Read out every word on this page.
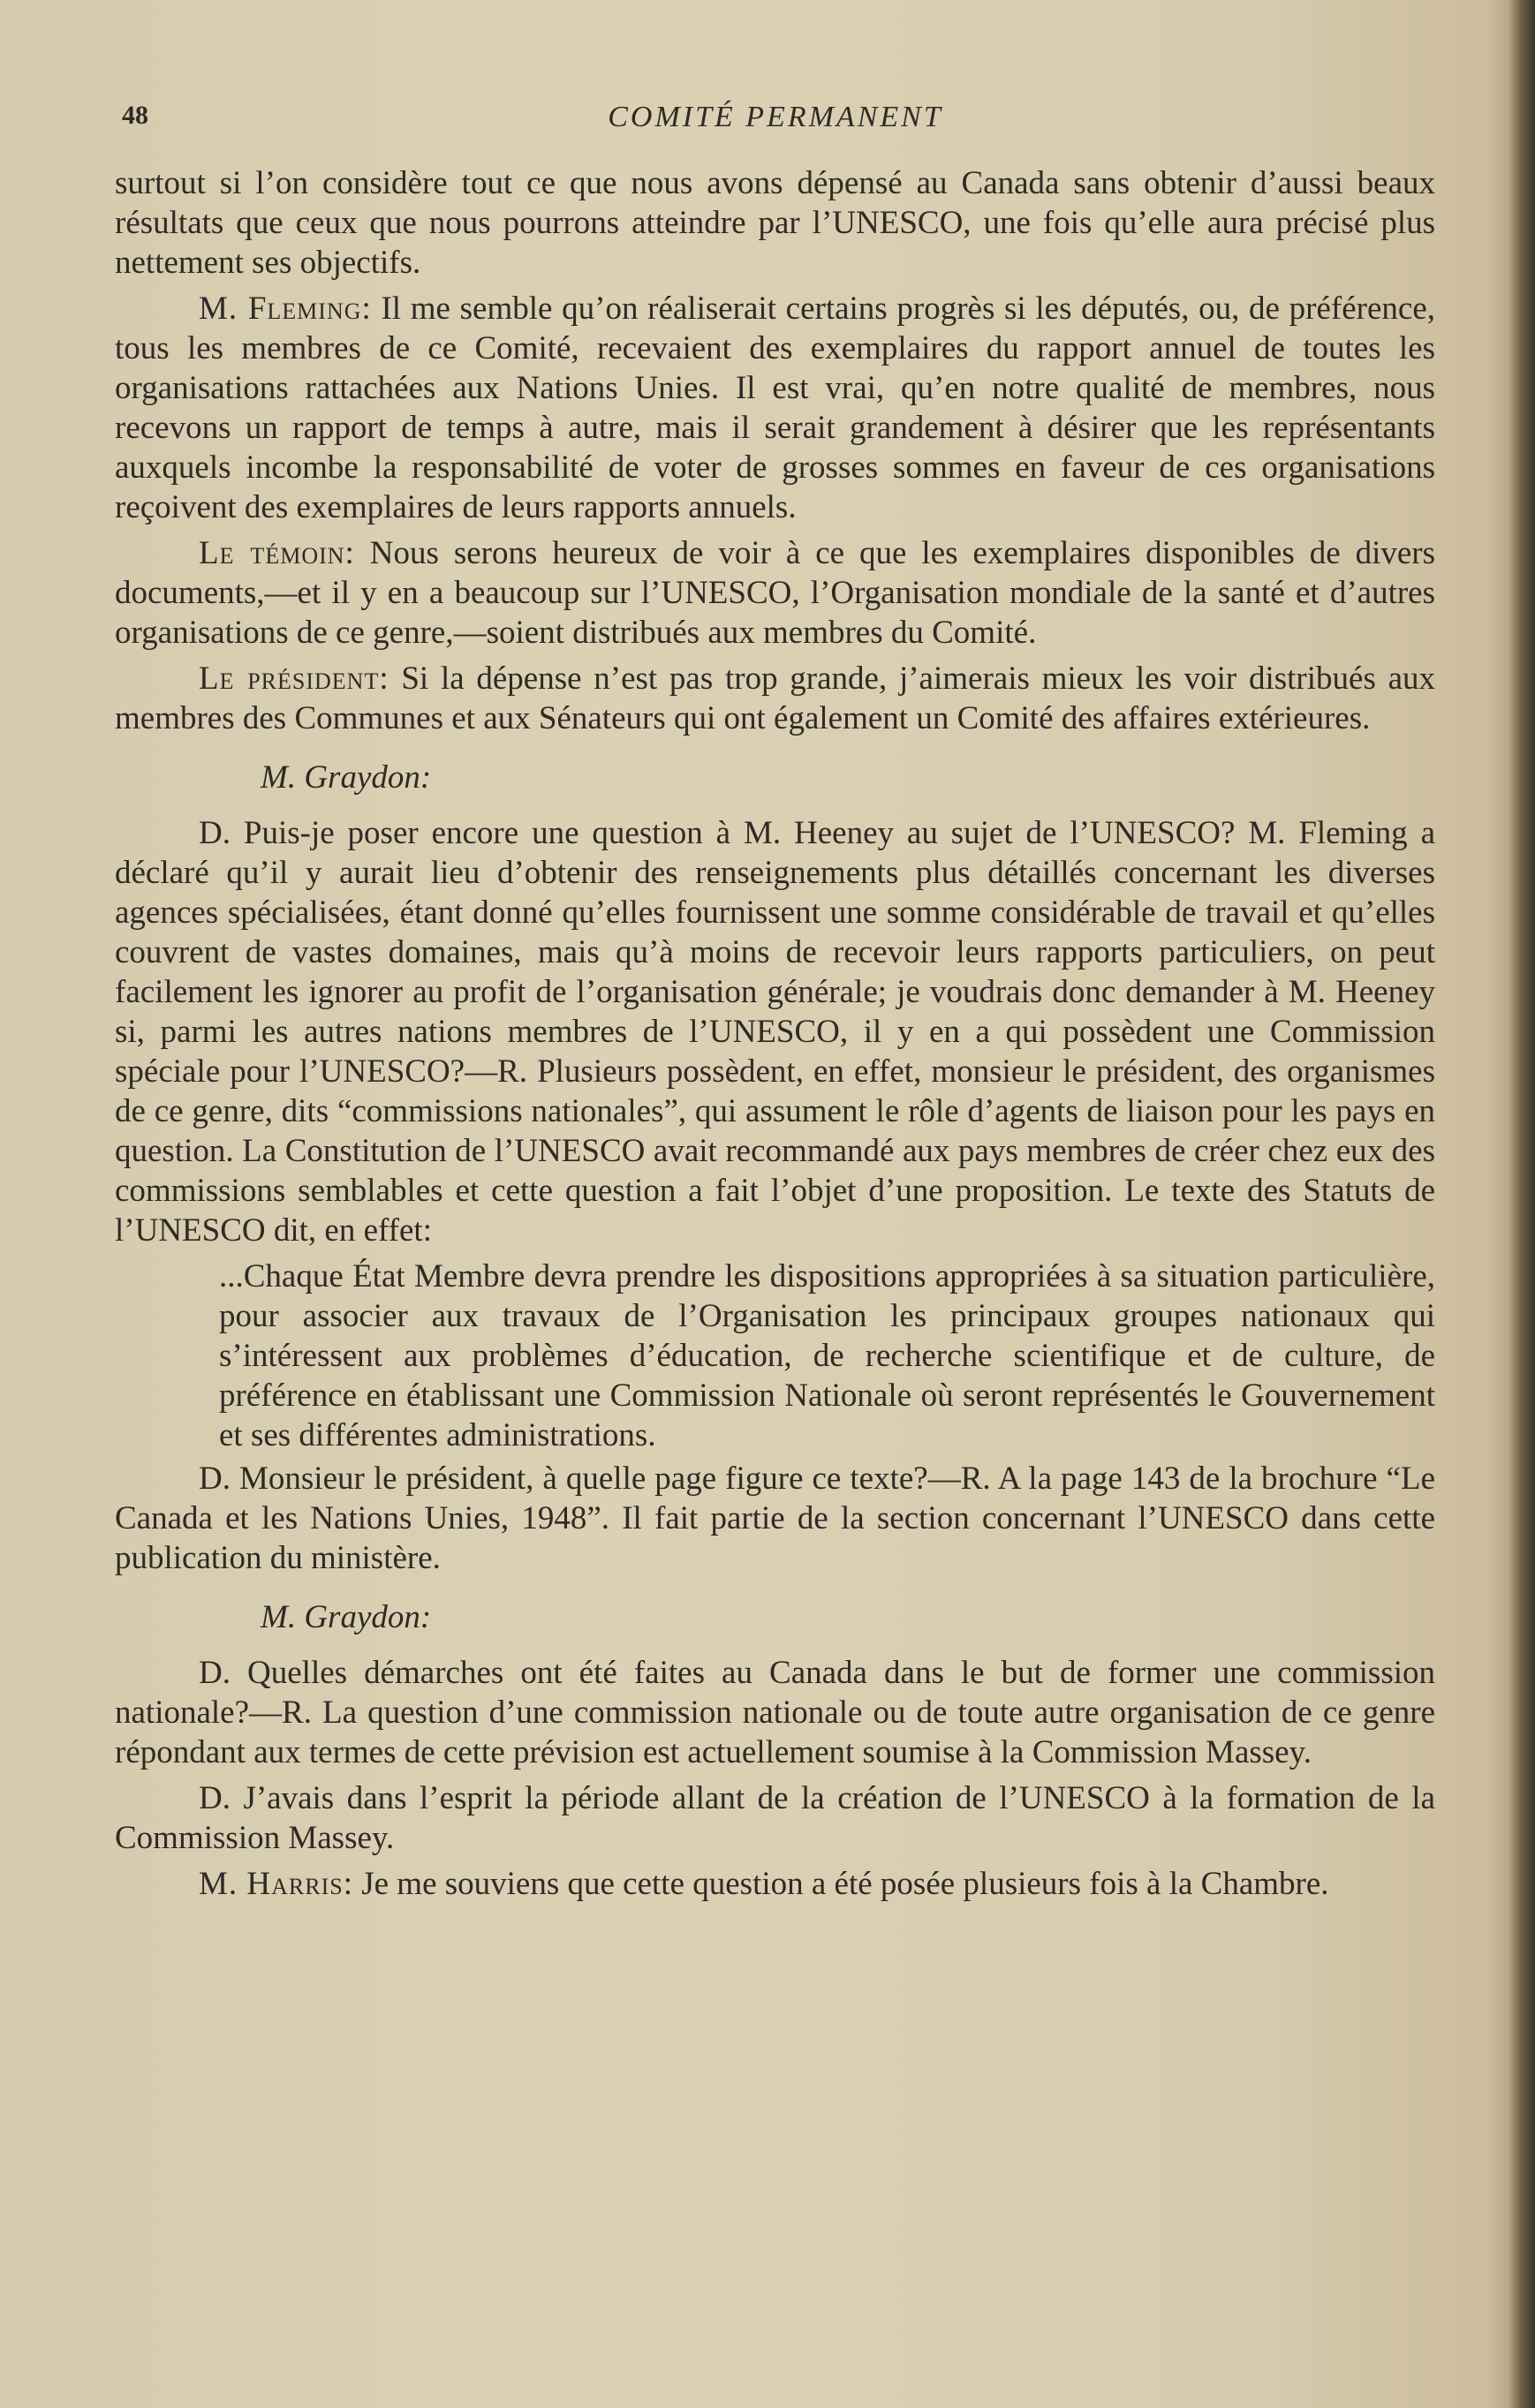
48	COMITÉ PERMANENT

surtout si l’on considère tout ce que nous avons dépensé au Canada sans obtenir d’aussi beaux résultats que ceux que nous pourrons atteindre par l’UNESCO, une fois qu’elle aura précisé plus nettement ses objectifs.

M. Fleming: Il me semble qu’on réaliserait certains progrès si les députés, ou, de préférence, tous les membres de ce Comité, recevaient des exemplaires du rapport annuel de toutes les organisations rattachées aux Nations Unies. Il est vrai, qu’en notre qualité de membres, nous recevons un rapport de temps à autre, mais il serait grandement à désirer que les représentants auxquels incombe la responsabilité de voter de grosses sommes en faveur de ces organisations reçoivent des exemplaires de leurs rapports annuels.

Le témoin: Nous serons heureux de voir à ce que les exemplaires disponibles de divers documents,—et il y en a beaucoup sur l’UNESCO, l’Organisation mondiale de la santé et d’autres organisations de ce genre,—soient distribués aux membres du Comité.

Le président: Si la dépense n’est pas trop grande, j’aimerais mieux les voir distribués aux membres des Communes et aux Sénateurs qui ont également un Comité des affaires extérieures.

M. Graydon:

D. Puis-je poser encore une question à M. Heeney au sujet de l’UNESCO? M. Fleming a déclaré qu’il y aurait lieu d’obtenir des renseignements plus détaillés concernant les diverses agences spécialisées, étant donné qu’elles fournissent une somme considérable de travail et qu’elles couvrent de vastes domaines, mais qu’à moins de recevoir leurs rapports particuliers, on peut facilement les ignorer au profit de l’organisation générale; je voudrais donc demander à M. Heeney si, parmi les autres nations membres de l’UNESCO, il y en a qui possèdent une Commission spéciale pour l’UNESCO?—R. Plusieurs possèdent, en effet, monsieur le président, des organismes de ce genre, dits “commissions nationales”, qui assument le rôle d’agents de liaison pour les pays en question. La Constitution de l’UNESCO avait recommandé aux pays membres de créer chez eux des commissions semblables et cette question a fait l’objet d’une proposition. Le texte des Statuts de l’UNESCO dit, en effet:

...Chaque État Membre devra prendre les dispositions appropriées à sa situation particulière, pour associer aux travaux de l’Organisation les principaux groupes nationaux qui s’intéressent aux problèmes d’éducation, de recherche scientifique et de culture, de préférence en établissant une Commission Nationale où seront représentés le Gouvernement et ses différentes administrations.

D. Monsieur le président, à quelle page figure ce texte?—R. A la page 143 de la brochure “Le Canada et les Nations Unies, 1948”. Il fait partie de la section concernant l’UNESCO dans cette publication du ministère.

M. Graydon:

D. Quelles démarches ont été faites au Canada dans le but de former une commission nationale?—R. La question d’une commission nationale ou de toute autre organisation de ce genre répondant aux termes de cette prévision est actuellement soumise à la Commission Massey.

D. J’avais dans l’esprit la période allant de la création de l’UNESCO à la formation de la Commission Massey.

M. Harris: Je me souviens que cette question a été posée plusieurs fois à la Chambre.
